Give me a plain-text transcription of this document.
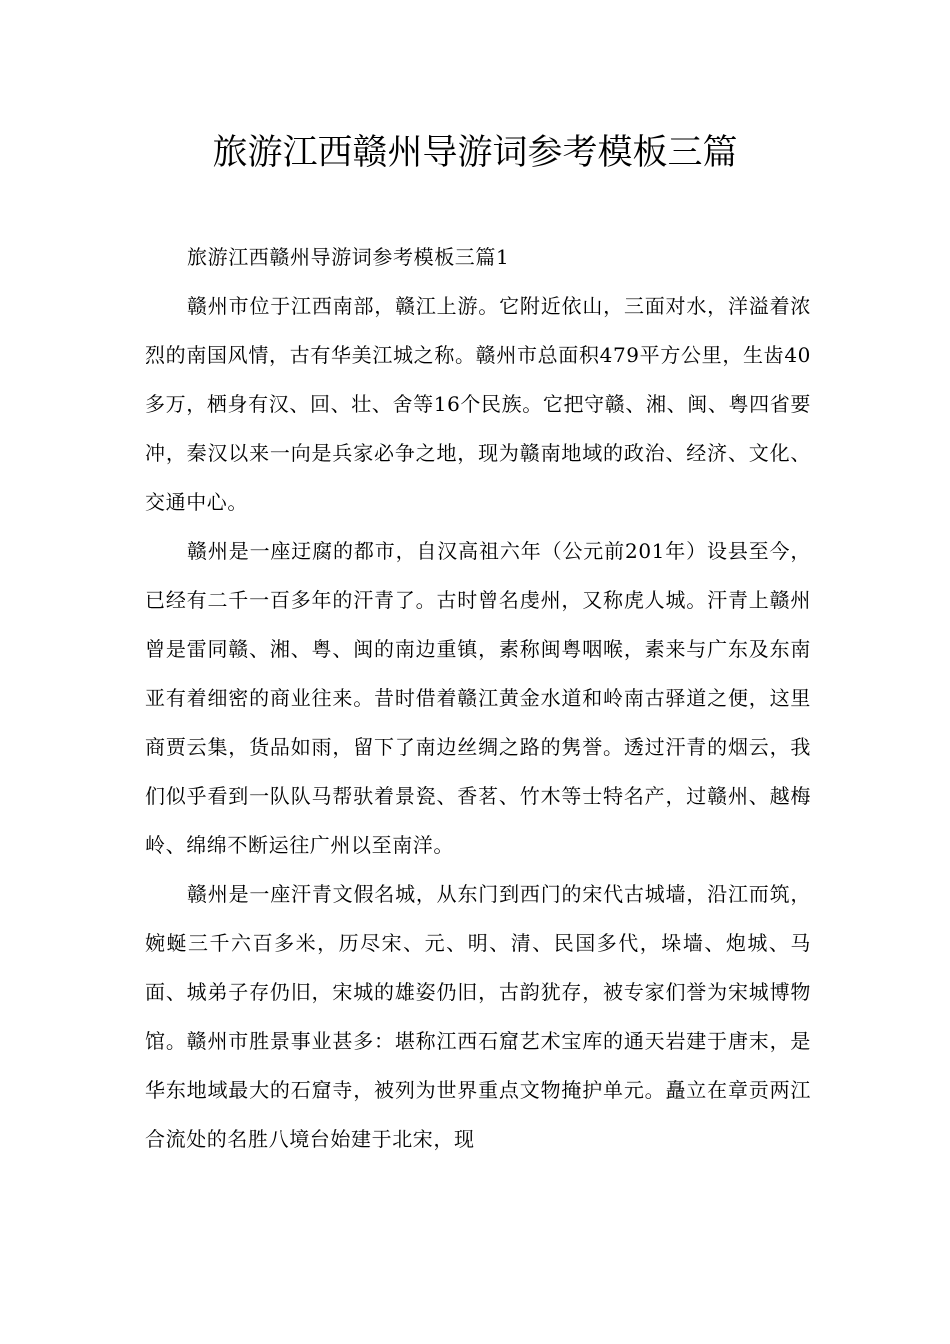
旅游江西赣州导游词参考模板三篇

旅游江西赣州导游词参考模板三篇1

赣州市位于江西南部，赣江上游。它附近依山，三面对水，洋溢着浓烈的南国风情，古有华美江城之称。赣州市总面积479平方公里，生齿40多万，栖身有汉、回、壮、舍等16个民族。它把守赣、湘、闽、粤四省要冲，秦汉以来一向是兵家必争之地，现为赣南地域的政治、经济、文化、交通中心。

赣州是一座迂腐的都市，自汉高祖六年（公元前201年）设县至今，已经有二千一百多年的汗青了。古时曾名虔州，又称虎人城。汗青上赣州曾是雷同赣、湘、粤、闽的南边重镇，素称闽粤咽喉，素来与广东及东南亚有着细密的商业往来。昔时借着赣江黄金水道和岭南古驿道之便，这里商贾云集，货品如雨，留下了南边丝绸之路的隽誉。透过汗青的烟云，我们似乎看到一队队马帮驮着景瓷、香茗、竹木等士特名产，过赣州、越梅岭、绵绵不断运往广州以至南洋。

赣州是一座汗青文假名城，从东门到西门的宋代古城墙，沿江而筑，婉蜒三千六百多米，历尽宋、元、明、清、民国多代，垛墙、炮城、马面、城弟子存仍旧，宋城的雄姿仍旧，古韵犹存，被专家们誉为宋城博物馆。赣州市胜景事业甚多：堪称江西石窟艺术宝库的通天岩建于唐末，是华东地域最大的石窟寺，被列为世界重点文物掩护单元。矗立在章贡两江合流处的名胜八境台始建于北宋，现
